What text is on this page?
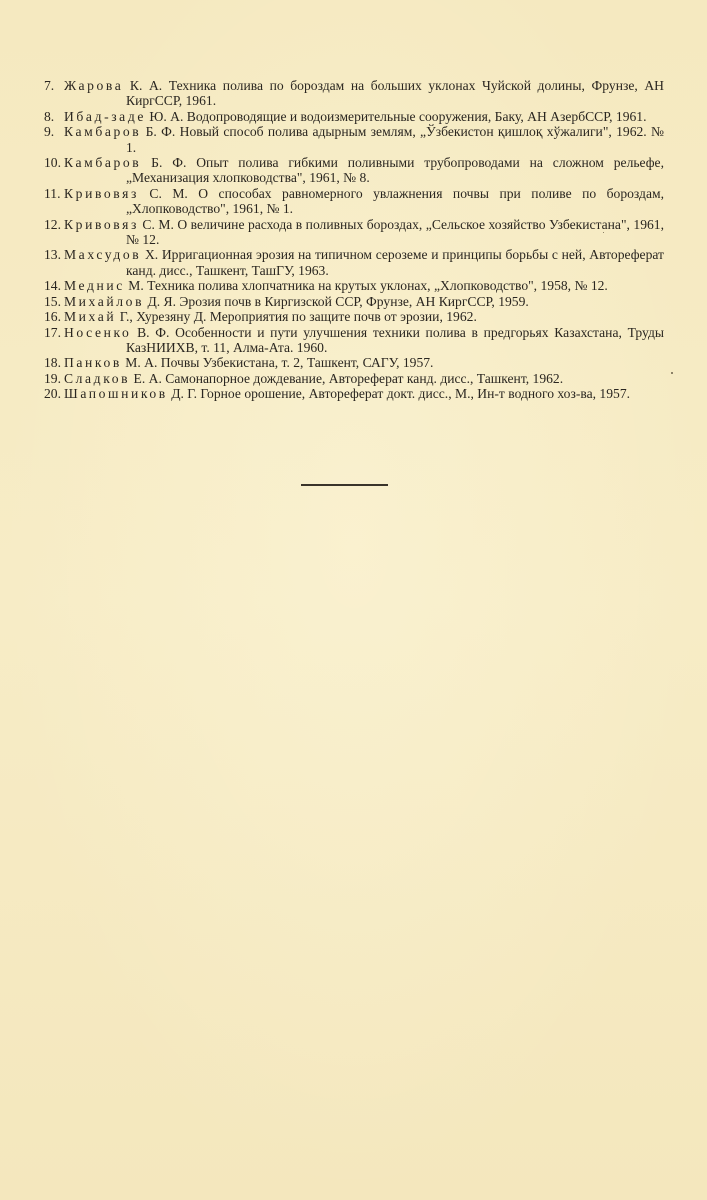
7. Жарова К. А. Техника полива по бороздам на больших уклонах Чуйской долины, Фрунзе, АН КиргССР, 1961.
8. Ибад-заде Ю. А. Водопроводящие и водоизмерительные сооружения, Баку, АН АзербССР, 1961.
9. Камбаров Б. Ф. Новый способ полива адырным землям, „Ўзбекистон қишлоқ хўжалиги", 1962. № 1.
10. Камбаров Б. Ф. Опыт полива гибкими поливными трубопроводами на сложном рельефе, „Механизация хлопководства", 1961, № 8.
11. Кривовяз С. М. О способах равномерного увлажнения почвы при поливе по бороздам, „Хлопководство", 1961, № 1.
12. Кривовяз С. М. О величине расхода в поливных бороздах, „Сельское хозяйство Узбекистана", 1961, № 12.
13. Махсудов Х. Ирригационная эрозия на типичном сероземе и принципы борьбы с ней, Автореферат канд. дисс., Ташкент, ТашГУ, 1963.
14. Меднис М. Техника полива хлопчатника на крутых уклонах, „Хлопководство", 1958, № 12.
15. Михайлов Д. Я. Эрозия почв в Киргизской ССР, Фрунзе, АН КиргССР, 1959.
16. Михай Г., Хурезяну Д. Мероприятия по защите почв от эрозии, 1962.
17. Носенко В. Ф. Особенности и пути улучшения техники полива в предгорьях Казахстана, Труды КазНИИХВ, т. 11, Алма-Ата. 1960.
18. Панков М. А. Почвы Узбекистана, т. 2, Ташкент, САГУ, 1957.
19. Сладков Е. А. Самонапорное дождевание, Автореферат канд. дисс., Ташкент, 1962.
20. Шапошников Д. Г. Горное орошение, Автореферат докт. дисс., М., Ин-т водного хоз-ва, 1957.
